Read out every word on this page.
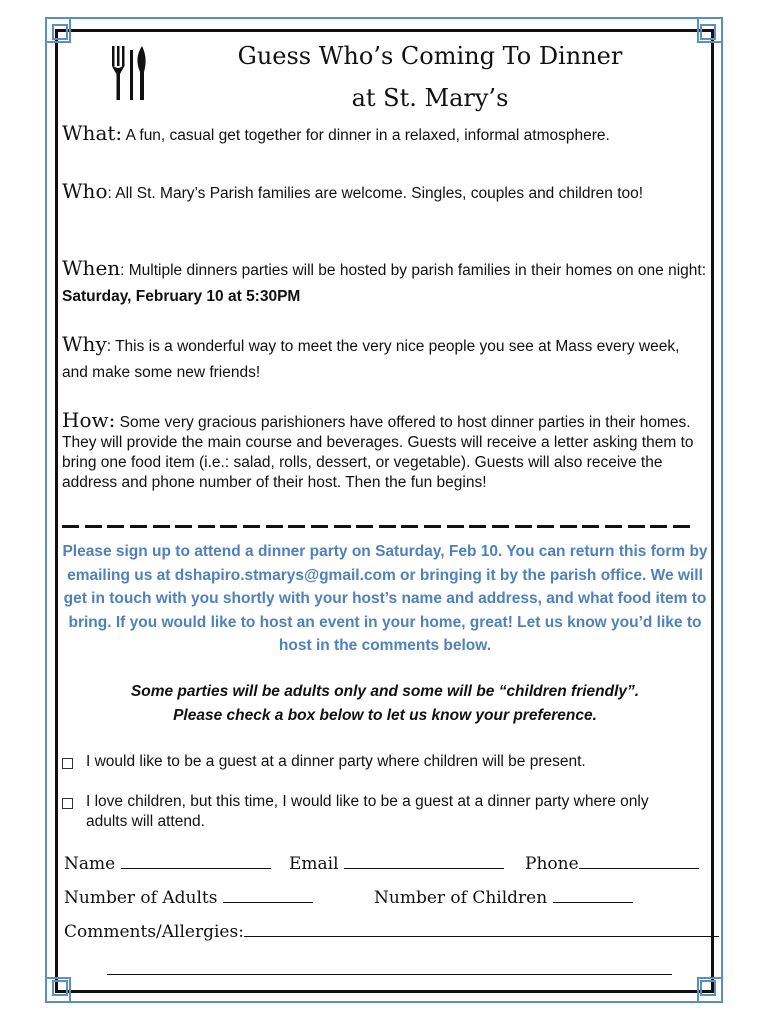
Guess Who’s Coming To Dinner
at St. Mary’s
What: A fun, casual get together for dinner in a relaxed, informal atmosphere.
Who: All St. Mary’s Parish families are welcome. Singles, couples and children too!
When: Multiple dinners parties will be hosted by parish families in their homes on one night: Saturday, February 10 at 5:30PM
Why: This is a wonderful way to meet the very nice people you see at Mass every week, and make some new friends!
How: Some very gracious parishioners have offered to host dinner parties in their homes. They will provide the main course and beverages. Guests will receive a letter asking them to bring one food item (i.e.: salad, rolls, dessert, or vegetable). Guests will also receive the address and phone number of their host. Then the fun begins!
Please sign up to attend a dinner party on Saturday, Feb 10. You can return this form by emailing us at dshapiro.stmarys@gmail.com or bringing it by the parish office. We will get in touch with you shortly with your host’s name and address, and what food item to bring. If you would like to host an event in your home, great! Let us know you’d like to host in the comments below.
Some parties will be adults only and some will be “children friendly”.
Please check a box below to let us know your preference.
I would like to be a guest at a dinner party where children will be present.
I love children, but this time, I would like to be a guest at a dinner party where only adults will attend.
Name	Email	Phone
Number of Adults	Number of Children
Comments/Allergies:
